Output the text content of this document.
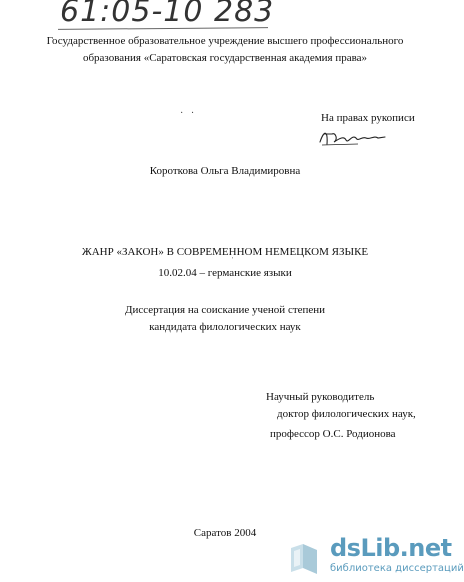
61:05-10 283
Государственное образовательное учреждение высшего профессионального
образования «Саратовская государственная академия права»
·   ·	На правах рукописи
Короткова Ольга Владимировна
ЖАНР «ЗАКОН» В СОВРЕМЕННОМ НЕМЕЦКОМ ЯЗЫКЕ
'
10.02.04 – германские языки
Диссертация на соискание ученой степени
кандидата филологических наук
Научный руководитель
доктор филологических наук,
профессор О.С. Родионова
Саратов 2004
dsLib.net
библиотека диссертаций
